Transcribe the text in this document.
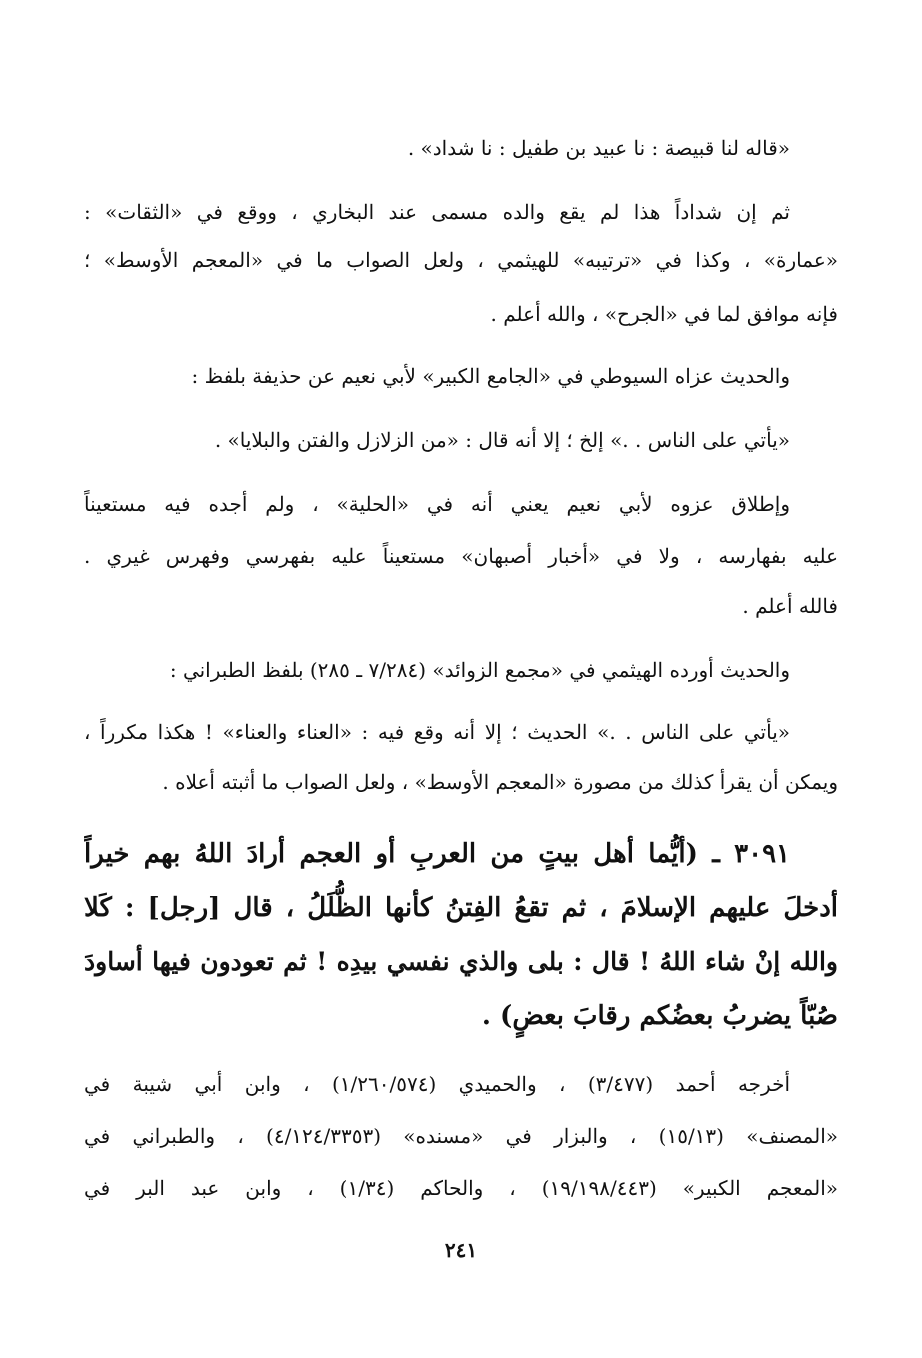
«قاله لنا قبيصة : نا عبيد بن طفيل : نا شداد» .
ثم إن شداداً هذا لم يقع والده مسمى عند البخاري ، ووقع في «الثقات» :
«عمارة» ، وكذا في «ترتيبه» للهيثمي ، ولعل الصواب ما في «المعجم الأوسط» ؛
فإنه موافق لما في «الجرح» ، والله أعلم .
والحديث عزاه السيوطي في «الجامع الكبير» لأبي نعيم عن حذيفة بلفظ :
«يأتي على الناس . .» إلخ ؛ إلا أنه قال : «من الزلازل والفتن والبلايا» .
وإطلاق عزوه لأبي نعيم يعني أنه في «الحلية» ، ولم أجده فيه مستعيناً
عليه بفهارسه ، ولا في «أخبار أصبهان» مستعيناً عليه بفهرسي وفهرس غيري .
فالله أعلم .
والحديث أورده الهيثمي في «مجمع الزوائد» (٧/٢٨٤ ـ ٢٨٥) بلفظ الطبراني :
«يأتي على الناس . .» الحديث ؛ إلا أنه وقع فيه : «العناء والعناء» ! هكذا مكرراً ،
ويمكن أن يقرأ كذلك من مصورة «المعجم الأوسط» ، ولعل الصواب ما أثبته أعلاه .
٣٠٩١ ـ (أيُّما أهل بيتٍ من العربِ أو العجم أرادَ اللهُ بهم خيراً
أدخلَ عليهم الإسلامَ ، ثم تقعُ الفِتنُ كأنها الظُّلَلُ ، قال [رجل] : كَلا
والله إنْ شاء اللهُ ! قال : بلى والذي نفسي بيدِه ! ثم تعودون فيها أساودَ
صُبّاً يضربُ بعضُكم رقابَ بعضٍ) .
أخرجه أحمد (٣/٤٧٧) ، والحميدي (١/٢٦٠/٥٧٤) ، وابن أبي شيبة في
«المصنف» (١٥/١٣) ، والبزار في «مسنده» (٤/١٢٤/٣٣٥٣) ، والطبراني في
«المعجم الكبير» (١٩/١٩٨/٤٤٣) ، والحاكم (١/٣٤) ، وابن عبد البر في
٢٤١
